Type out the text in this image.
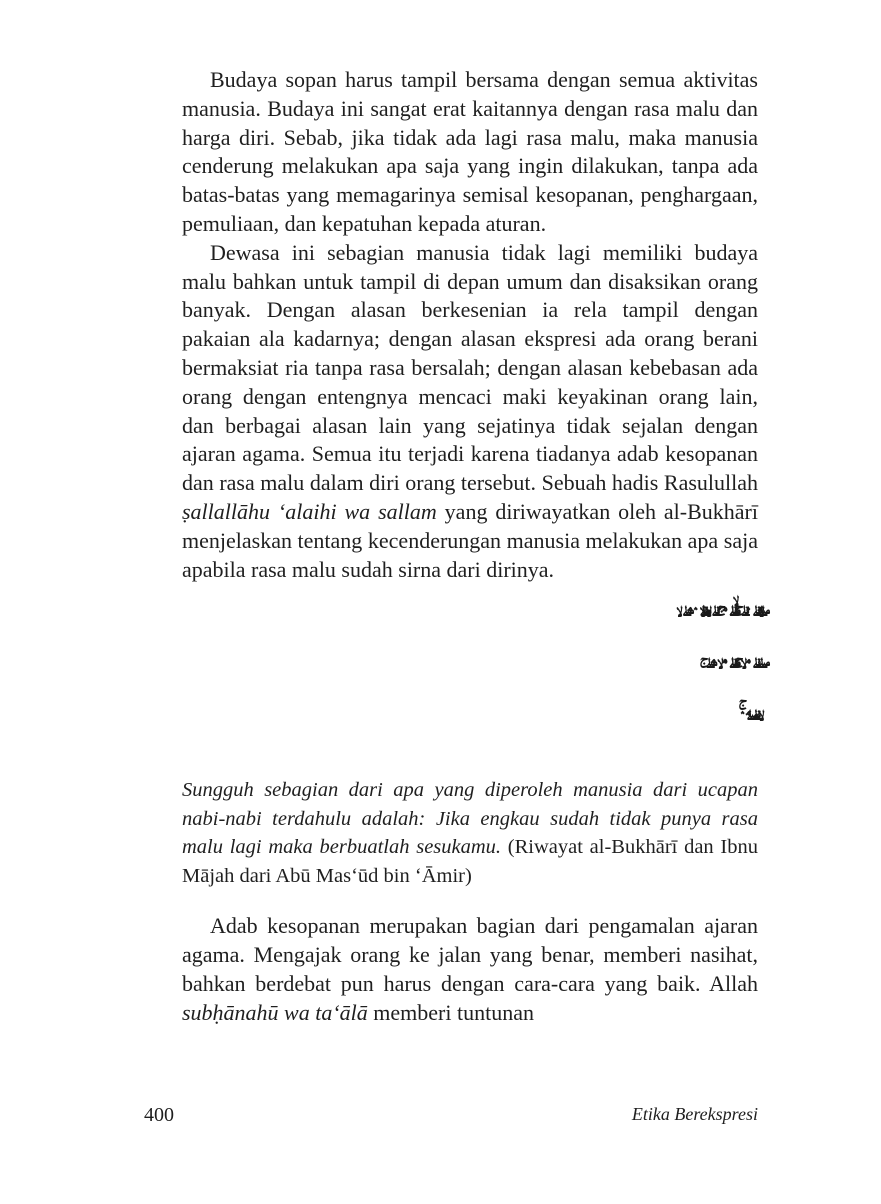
Budaya sopan harus tampil bersama dengan semua aktivitas manusia. Budaya ini sangat erat kaitannya dengan rasa malu dan harga diri. Sebab, jika tidak ada lagi rasa malu, maka manusia cenderung melakukan apa saja yang ingin dilakukan, tanpa ada batas-batas yang memagarinya semisal kesopanan, penghargaan, pemuliaan, dan kepatuhan kepada aturan.

Dewasa ini sebagian manusia tidak lagi memiliki budaya malu bahkan untuk tampil di depan umum dan disaksikan orang banyak. Dengan alasan berkesenian ia rela tampil dengan pakaian ala kadarnya; dengan alasan ekspresi ada orang berani bermaksiat ria tanpa rasa bersalah; dengan alasan kebebasan ada orang dengan entengnya mencaci maki keyakinan orang lain, dan berbagai alasan lain yang sejatinya tidak sejalan dengan ajaran agama. Semua itu terjadi karena tiadanya adab kesopanan dan rasa malu dalam diri orang tersebut. Sebuah hadis Rasulullah ṣallallāhu ‘alaihi wa sallam yang diriwayatkan oleh al-Bukhārī menjelaskan tentang kecenderungan manusia melakukan apa saja apabila rasa malu sudah sirna dari dirinya.

ۙۖۙۘ ۗ ۛ ۗ ۚۛۙ ۗۖ ۘ ۚۛ ۗ ۙ ۗۖۙ ۛ ۘ ۖ ۙ
ۖ ۗ ۘ ۙ ۚۛ ۗۖ ۘۛ ۙ ۘ ۖ ۚ
ۙ ۗ ۘۖ ۛۚ

Sungguh sebagian dari apa yang diperoleh manusia dari ucapan nabi-nabi terdahulu adalah: Jika engkau sudah tidak punya rasa malu lagi maka berbuatlah sesukamu. (Riwayat al-Bukhārī dan Ibnu Mājah dari Abū Mas‘ūd bin ‘Āmir)

Adab kesopanan merupakan bagian dari pengamalan ajaran agama. Mengajak orang ke jalan yang benar, memberi nasihat, bahkan berdebat pun harus dengan cara-cara yang baik. Allah subḥānahū wa ta‘ālā memberi tuntunan

400	Etika Berekspresi
